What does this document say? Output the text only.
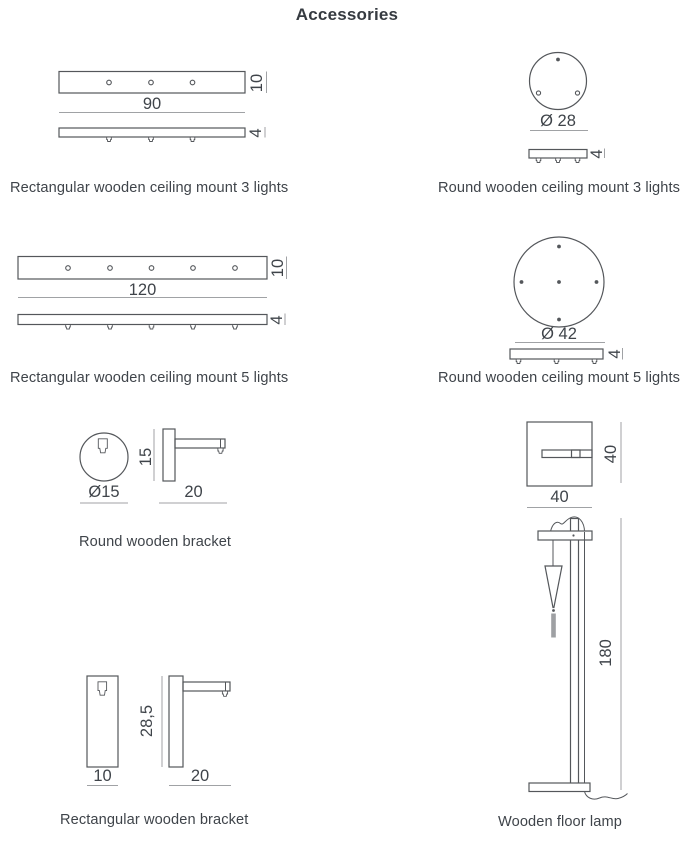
Accessories
10
90
4
Rectangular wooden ceiling mount 3 lights
Ø 28
4
Round wooden ceiling mount 3 lights
10
120
4
Rectangular wooden ceiling mount 5 lights
Ø 42
4
Round wooden ceiling mount 5 lights
Ø15
15
20
Round wooden bracket
40
40
10
28,5
20
Rectangular wooden bracket
180
Wooden floor lamp
